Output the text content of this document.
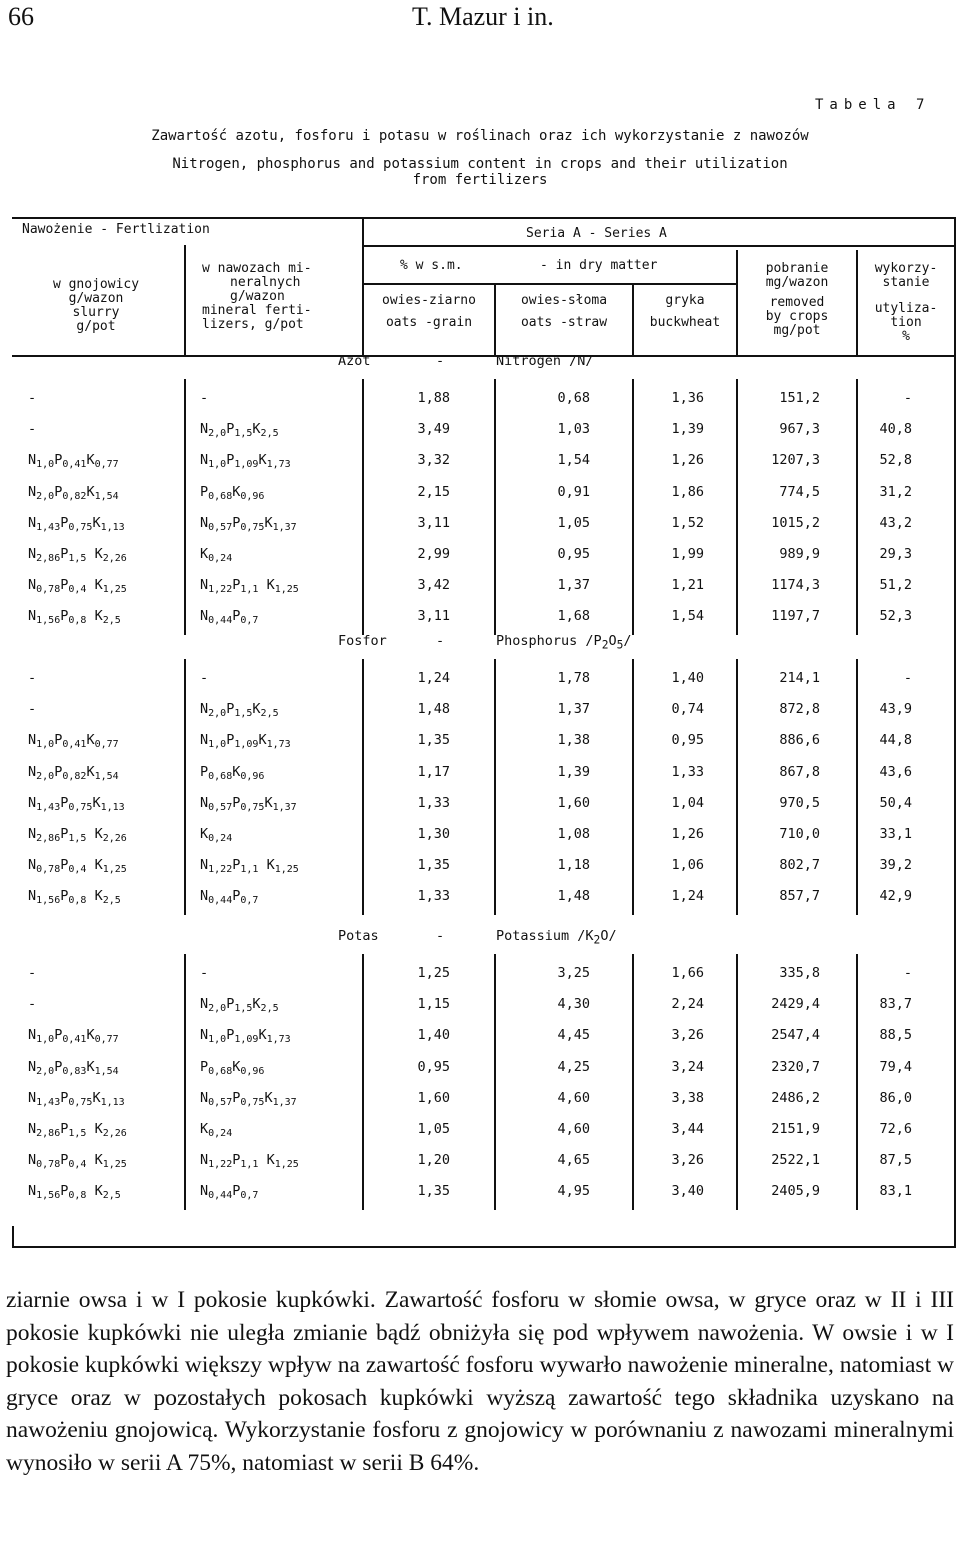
66	T. Mazur i in.
Tabela 7
Zawartość azotu, fosforu i potasu w roślinach oraz ich wykorzystanie z nawozów
Nitrogen, phosphorus and potassium content in crops and their utilization
from fertilizers
Nawożenie - Fertlization	Seria A - Series A
w gnojowicy
g/wazon
slurry
g/pot
w nawozach mi-
neralnych
g/wazon
mineral ferti-
lizers, g/pot
% w s.m.	- in dry matter
owies-ziarno
oats -grain
owies-słoma
oats -straw
gryka
buckwheat
pobranie
mg/wazon
removed
by crops
mg/pot
wykorzy-
stanie
utyliza-
tion
%
Azot	-	Nitrogen /N/
-	-	1,88	0,68	1,36	151,2	-
-	$N_{2,0}P_{1,5}K_{2,5}$	3,49	1,03	1,39	967,3	40,8
$N_{1,0}P_{0,41}K_{0,77}$	$N_{1,0}P_{1,09}K_{1,73}$	3,32	1,54	1,26	1207,3	52,8
$N_{2,0}P_{0,82}K_{1,54}$	$P_{0,68}K_{0,96}$	2,15	0,91	1,86	774,5	31,2
$N_{1,43}P_{0,75}K_{1,13}$	$N_{0,57}P_{0,75}K_{1,37}$	3,11	1,05	1,52	1015,2	43,2
$N_{2,86}P_{1,5}$ $K_{2,26}$	$K_{0,24}$	2,99	0,95	1,99	989,9	29,3
$N_{0,78}P_{0,4}$ $K_{1,25}$	$N_{1,22}P_{1,1}$ $K_{1,25}$	3,42	1,37	1,21	1174,3	51,2
$N_{1,56}P_{0,8}$ $K_{2,5}$	$N_{0,44}P_{0,7}$	3,11	1,68	1,54	1197,7	52,3
Fosfor	-	Phosphorus $/P_2O_5/$
-	-	1,24	1,78	1,40	214,1	-
-	$N_{2,0}P_{1,5}K_{2,5}$	1,48	1,37	0,74	872,8	43,9
$N_{1,0}P_{0,41}K_{0,77}$	$N_{1,0}P_{1,09}K_{1,73}$	1,35	1,38	0,95	886,6	44,8
$N_{2,0}P_{0,82}K_{1,54}$	$P_{0,68}K_{0,96}$	1,17	1,39	1,33	867,8	43,6
$N_{1,43}P_{0,75}K_{1,13}$	$N_{0,57}P_{0,75}K_{1,37}$	1,33	1,60	1,04	970,5	50,4
$N_{2,86}P_{1,5}$ $K_{2,26}$	$K_{0,24}$	1,30	1,08	1,26	710,0	33,1
$N_{0,78}P_{0,4}$ $K_{1,25}$	$N_{1,22}P_{1,1}$ $K_{1,25}$	1,35	1,18	1,06	802,7	39,2
$N_{1,56}P_{0,8}$ $K_{2,5}$	$N_{0,44}P_{0,7}$	1,33	1,48	1,24	857,7	42,9
Potas	-	Potassium $/K_2O/$
-	-	1,25	3,25	1,66	335,8	-
-	$N_{2,0}P_{1,5}K_{2,5}$	1,15	4,30	2,24	2429,4	83,7
$N_{1,0}P_{0,41}K_{0,77}$	$N_{1,0}P_{1,09}K_{1,73}$	1,40	4,45	3,26	2547,4	88,5
$N_{2,0}P_{0,83}K_{1,54}$	$P_{0,68}K_{0,96}$	0,95	4,25	3,24	2320,7	79,4
$N_{1,43}P_{0,75}K_{1,13}$	$N_{0,57}P_{0,75}K_{1,37}$	1,60	4,60	3,38	2486,2	86,0
$N_{2,86}P_{1,5}$ $K_{2,26}$	$K_{0,24}$	1,05	4,60	3,44	2151,9	72,6
$N_{0,78}P_{0,4}$ $K_{1,25}$	$N_{1,22}P_{1,1}$ $K_{1,25}$	1,20	4,65	3,26	2522,1	87,5
$N_{1,56}P_{0,8}$ $K_{2,5}$	$N_{0,44}P_{0,7}$	1,35	4,95	3,40	2405,9	83,1

ziarnie owsa i w I pokosie kupkówki. Zawartość fosforu w słomie owsa, w gryce oraz w II i III pokosie kupkówki nie uległa zmianie bądź obniżyła się pod wpływem nawożenia. W owsie i w I pokosie kupkówki większy wpływ na zawartość fosforu wywarło nawożenie mineralne, natomiast w gryce oraz w pozostałych pokosach kupkówki wyższą zawartość tego składnika uzyskano na nawożeniu gnojowicą. Wykorzystanie fosforu z gnojowicy w porównaniu z nawozami mineralnymi wynosiło w serii A 75%, natomiast w serii B 64%.
